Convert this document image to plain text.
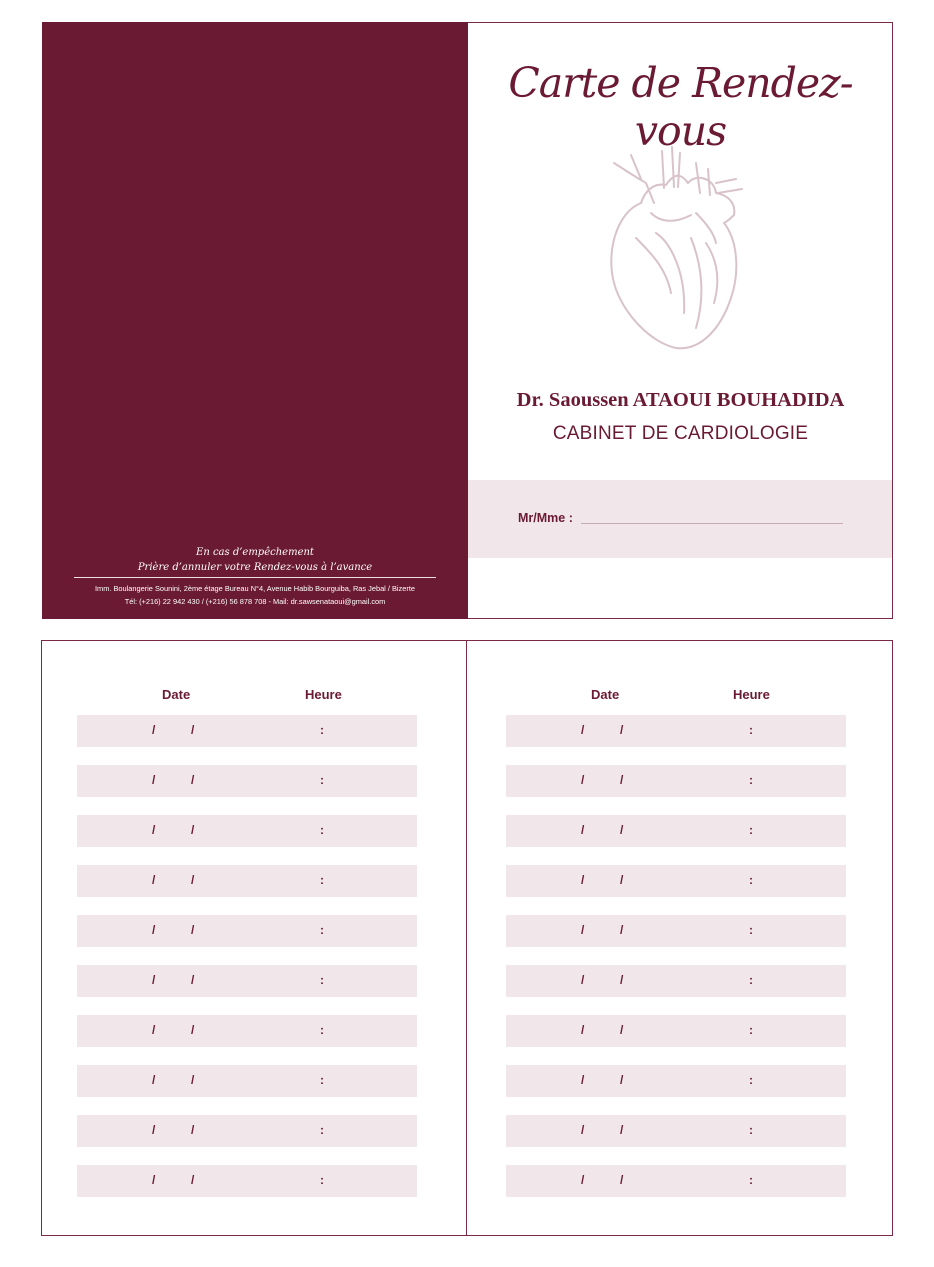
En cas d’empêchement
Prière d’annuler votre Rendez-vous à l’avance
Imm. Boulangerie Sounini, 2ème étage Bureau N°4, Avenue Habib Bourguiba, Ras Jebal / Bizerte
Tél: (+216) 22 942 430 / (+216) 56 878 708 - Mail: dr.sawsenataoui@gmail.com
Carte de Rendez-vous
Dr. Saoussen ATAOUI BOUHADIDA
CABINET DE CARDIOLOGIE
Mr/Mme :
Date	Heure
/	/	:
/	/	:
/	/	:
/	/	:
/	/	:
/	/	:
/	/	:
/	/	:
/	/	:
/	/	:
Date	Heure
/	/	:
/	/	:
/	/	:
/	/	:
/	/	:
/	/	:
/	/	:
/	/	:
/	/	:
/	/	:
